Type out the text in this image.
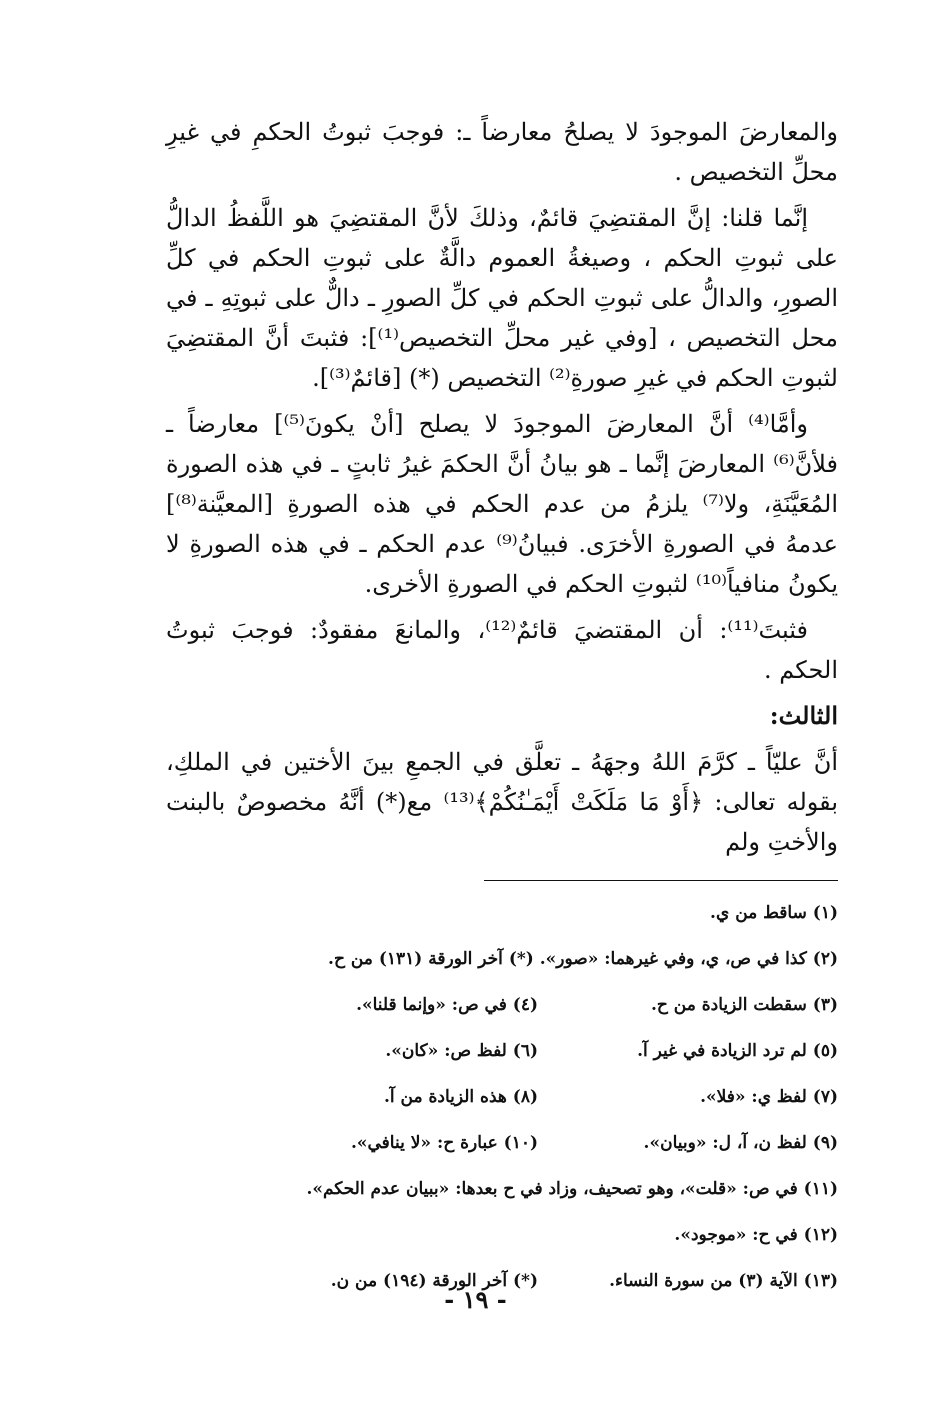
والمعارضَ الموجودَ لا يصلحُ معارضاً ـ: فوجبَ ثبوتُ الحكمِ في غيرِ محلِّ التخصيص .

إنَّما قلنا: إنَّ المقتضِيَ قائمٌ، وذلكَ لأنَّ المقتضِيَ هو اللَّفظُ الدالُّ على ثبوتِ الحكم ، وصيغةُ العموم دالَّةٌ على ثبوتِ الحكم في كلِّ الصورِ، والدالُّ على ثبوتِ الحكم في كلِّ الصورِ ـ دالٌّ على ثبوتِهِ ـ في محل التخصيص ، [وفي غير محلِّ التخصيص⁽¹⁾]: فثبتَ أنَّ المقتضِيَ لثبوتِ الحكم في غيرِ صورةِ⁽²⁾ التخصيص (*) [قائمٌ⁽³⁾].

وأمَّا⁽⁴⁾ أنَّ المعارضَ الموجودَ لا يصلح [أنْ يكونَ⁽⁵⁾] معارضاً ـ فلأنَّ⁽⁶⁾ المعارضَ إنَّما ـ هو بيانُ أنَّ الحكمَ غيرُ ثابتٍ ـ في هذه الصورة المُعَيَّنَةِ، ولا⁽⁷⁾ يلزمُ من عدم الحكم في هذه الصورةِ [المعيَّنة⁽⁸⁾] عدمهُ في الصورةِ الأخرَى. فبيانُ⁽⁹⁾ عدم الحكم ـ في هذه الصورةِ لا يكونُ منافياً⁽¹⁰⁾ لثبوتِ الحكم في الصورةِ الأخرى.

فثبتَ⁽¹¹⁾: أن المقتضيَ قائمٌ⁽¹²⁾، والمانعَ مفقودٌ: فوجبَ ثبوتُ الحكم .

الثالث:

أنَّ عليّاً ـ كرَّمَ اللهُ وجهَهُ ـ تعلَّق في الجمعِ بينَ الأختين في الملكِ، بقوله تعالى: ﴿أَوْ مَا مَلَكَتْ أَيْمَـٰنُكُمْ﴾⁽¹³⁾ مع(*) أنَّهُ مخصوصٌ بالبنت والأختِ ولم

(١) ساقط من ي.
(٢) كذا في ص، ي، وفي غيرهما: «صور». (*) آخر الورقة (١٣١) من ح.
(٣) سقطت الزيادة من ح.
(٤) في ص: «وإنما قلنا».
(٥) لم ترد الزيادة في غير آ.
(٦) لفظ ص: «كان».
(٧) لفظ ي: «فلا».
(٨) هذه الزيادة من آ.
(٩) لفظ ن، آ، ل: «وبيان».
(١٠) عبارة ح: «لا ينافي».
(١١) في ص: «قلت»، وهو تصحيف، وزاد في ح بعدها: «ببيان عدم الحكم».
(١٢) في ح: «موجود».
(١٣) الآية (٣) من سورة النساء.
(*) آخر الورقة (١٩٤) من ن.
- ١٩ -
